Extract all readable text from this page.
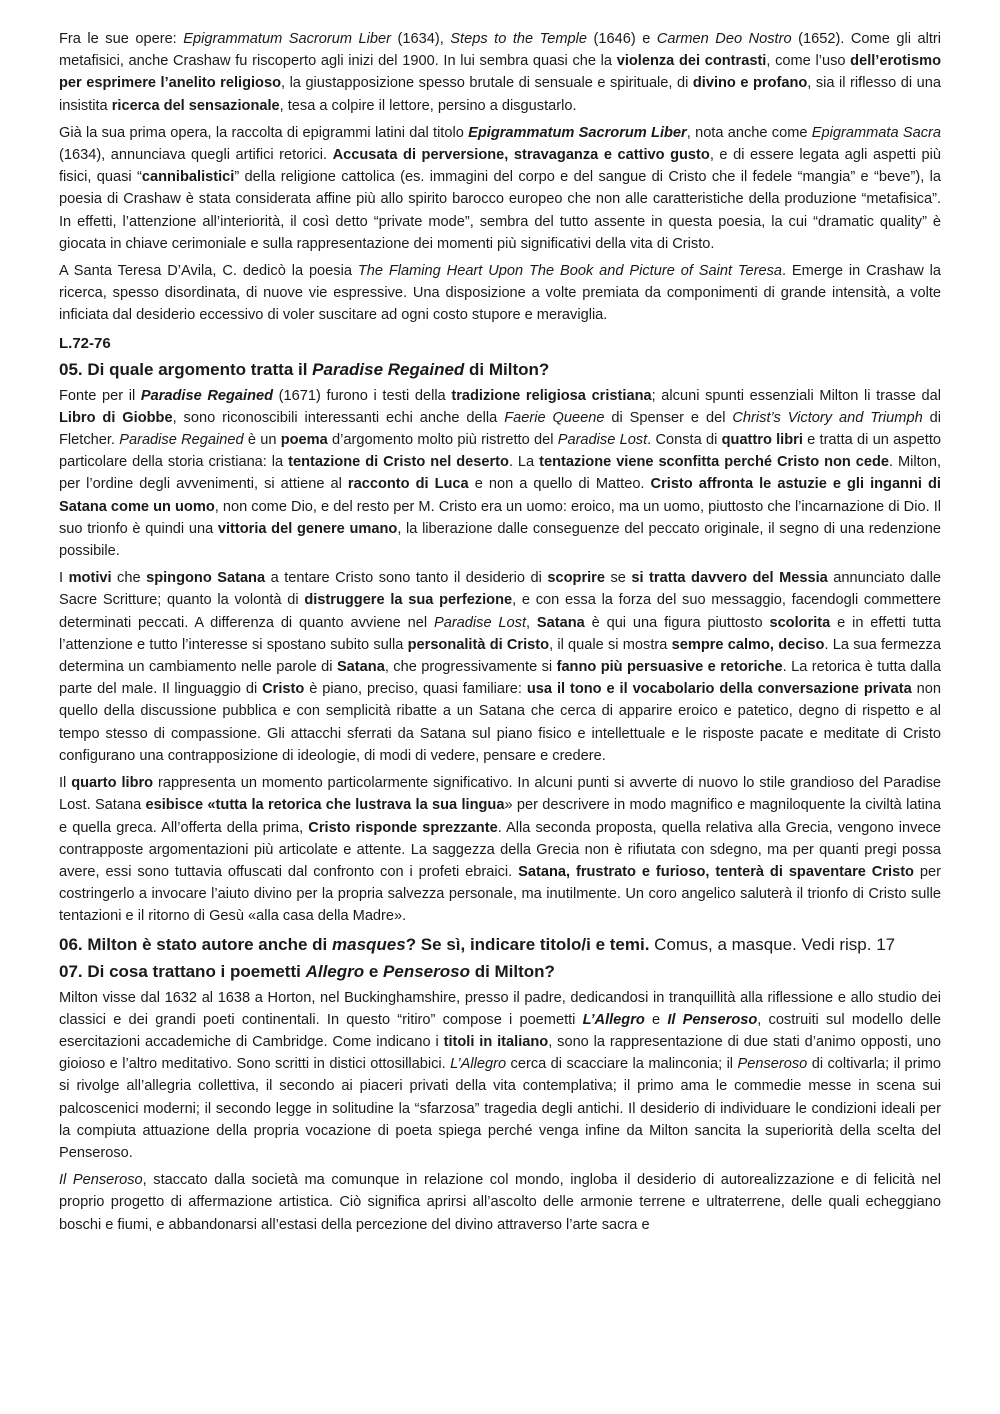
Fra le sue opere: Epigrammatum Sacrorum Liber (1634), Steps to the Temple (1646) e Carmen Deo Nostro (1652). Come gli altri metafisici, anche Crashaw fu riscoperto agli inizi del 1900. In lui sembra quasi che la violenza dei contrasti, come l’uso dell’erotismo per esprimere l’anelito religioso, la giustapposizione spesso brutale di sensuale e spirituale, di divino e profano, sia il riflesso di una insistita ricerca del sensazionale, tesa a colpire il lettore, persino a disgustarlo.

Già la sua prima opera, la raccolta di epigrammi latini dal titolo Epigrammatum Sacrorum Liber, nota anche come Epigrammata Sacra (1634), annunciava quegli artifici retorici. Accusata di perversione, stravaganza e cattivo gusto, e di essere legata agli aspetti più fisici, quasi “cannibalistici” della religione cattolica (es. immagini del corpo e del sangue di Cristo che il fedele “mangia” e “beve”), la poesia di Crashaw è stata considerata affine più allo spirito barocco europeo che non alle caratteristiche della produzione “metafisica”. In effetti, l’attenzione all’interiorità, il così detto “private mode”, sembra del tutto assente in questa poesia, la cui “dramatic quality” è giocata in chiave cerimoniale e sulla rappresentazione dei momenti più significativi della vita di Cristo.

A Santa Teresa D’Avila, C. dedicò la poesia The Flaming Heart Upon The Book and Picture of Saint Teresa. Emerge in Crashaw la ricerca, spesso disordinata, di nuove vie espressive. Una disposizione a volte premiata da componimenti di grande intensità, a volte inficiata dal desiderio eccessivo di voler suscitare ad ogni costo stupore e meraviglia.

L.72-76
05. Di quale argomento tratta il Paradise Regained di Milton?

Fonte per il Paradise Regained (1671) furono i testi della tradizione religiosa cristiana; alcuni spunti essenziali Milton li trasse dal Libro di Giobbe, sono riconoscibili interessanti echi anche della Faerie Queene di Spenser e del Christ’s Victory and Triumph di Fletcher. Paradise Regained è un poema d’argomento molto più ristretto del Paradise Lost. Consta di quattro libri e tratta di un aspetto particolare della storia cristiana: la tentazione di Cristo nel deserto. La tentazione viene sconfitta perché Cristo non cede. Milton, per l’ordine degli avvenimenti, si attiene al racconto di Luca e non a quello di Matteo. Cristo affronta le astuzie e gli inganni di Satana come un uomo, non come Dio, e del resto per M. Cristo era un uomo: eroico, ma un uomo, piuttosto che l’incarnazione di Dio. Il suo trionfo è quindi una vittoria del genere umano, la liberazione dalle conseguenze del peccato originale, il segno di una redenzione possibile.

I motivi che spingono Satana a tentare Cristo sono tanto il desiderio di scoprire se si tratta davvero del Messia annunciato dalle Sacre Scritture; quanto la volontà di distruggere la sua perfezione, e con essa la forza del suo messaggio, facendogli commettere determinati peccati. A differenza di quanto avviene nel Paradise Lost, Satana è qui una figura piuttosto scolorita e in effetti tutta l’attenzione e tutto l’interesse si spostano subito sulla personalità di Cristo, il quale si mostra sempre calmo, deciso. La sua fermezza determina un cambiamento nelle parole di Satana, che progressivamente si fanno più persuasive e retoriche. La retorica è tutta dalla parte del male. Il linguaggio di Cristo è piano, preciso, quasi familiare: usa il tono e il vocabolario della conversazione privata non quello della discussione pubblica e con semplicità ribatte a un Satana che cerca di apparire eroico e patetico, degno di rispetto e al tempo stesso di compassione. Gli attacchi sferrati da Satana sul piano fisico e intellettuale e le risposte pacate e meditate di Cristo configurano una contrapposizione di ideologie, di modi di vedere, pensare e credere.

Il quarto libro rappresenta un momento particolarmente significativo. In alcuni punti si avverte di nuovo lo stile grandioso del Paradise Lost. Satana esibisce «tutta la retorica che lustrava la sua lingua» per descrivere in modo magnifico e magniloquente la civiltà latina e quella greca. All’offerta della prima, Cristo risponde sprezzante. Alla seconda proposta, quella relativa alla Grecia, vengono invece contrapposte argomentazioni più articolate e attente. La saggezza della Grecia non è rifiutata con sdegno, ma per quanti pregi possa avere, essi sono tuttavia offuscati dal confronto con i profeti ebraici. Satana, frustrato e furioso, tenterà di spaventare Cristo per costringerlo a invocare l’aiuto divino per la propria salvezza personale, ma inutilmente. Un coro angelico saluterà il trionfo di Cristo sulle tentazioni e il ritorno di Gesù «alla casa della Madre».

06. Milton è stato autore anche di masques? Se sì, indicare titolo/i e temi. Comus, a masque. Vedi risp. 17
07. Di cosa trattano i poemetti Allegro e Penseroso di Milton?

Milton visse dal 1632 al 1638 a Horton, nel Buckinghamshire, presso il padre, dedicandosi in tranquillità alla riflessione e allo studio dei classici e dei grandi poeti continentali. In questo “ritiro” compose i poemetti L’Allegro e Il Penseroso, costruiti sul modello delle esercitazioni accademiche di Cambridge. Come indicano i titoli in italiano, sono la rappresentazione di due stati d’animo opposti, uno gioioso e l’altro meditativo. Sono scritti in distici ottosillabici. L’Allegro cerca di scacciare la malinconia; il Penseroso di coltivarla; il primo si rivolge all’allegria collettiva, il secondo ai piaceri privati della vita contemplativa; il primo ama le commedie messe in scena sui palcoscenici moderni; il secondo legge in solitudine la “sfarzosa” tragedia degli antichi. Il desiderio di individuare le condizioni ideali per la compiuta attuazione della propria vocazione di poeta spiega perché venga infine da Milton sancita la superiorità della scelta del Penseroso.

Il Penseroso, staccato dalla società ma comunque in relazione col mondo, ingloba il desiderio di autorealizzazione e di felicità nel proprio progetto di affermazione artistica. Ciò significa aprirsi all’ascolto delle armonie terrene e ultraterrene, delle quali echeggiano boschi e fiumi, e abbandonarsi all’estasi della percezione del divino attraverso l’arte sacra e
